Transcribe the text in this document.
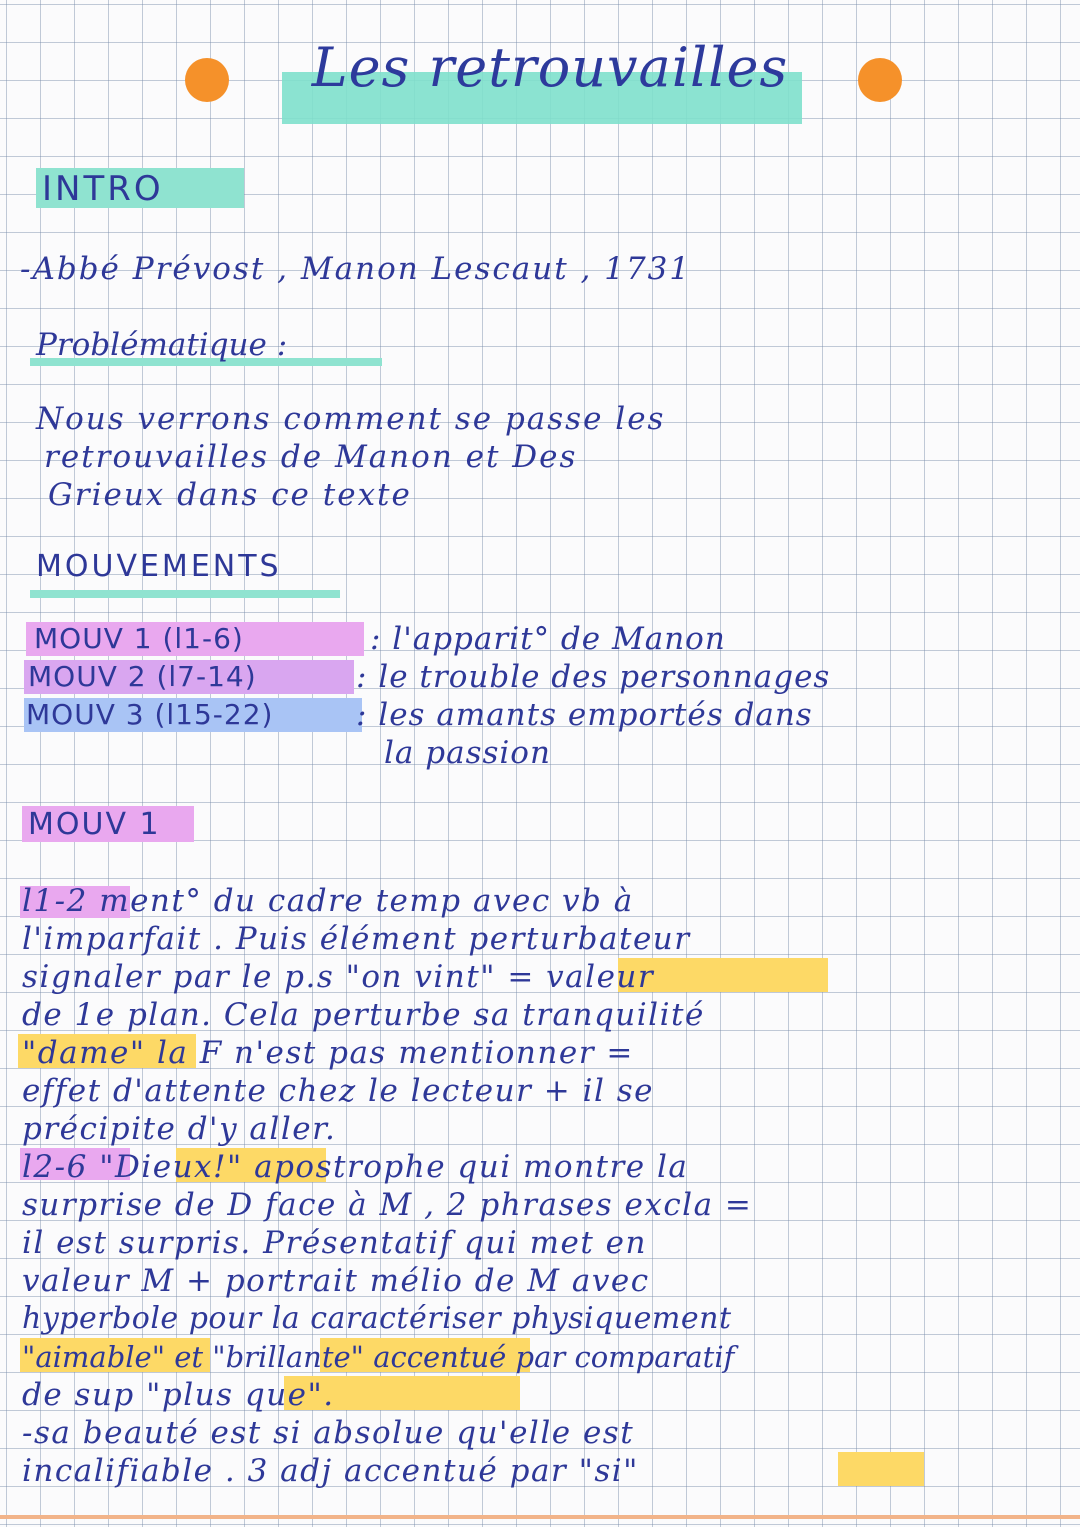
Les retrouvailles
INTRO
-Abbé Prévost , Manon Lescaut , 1731
Problématique :
Nous verrons comment se passe les
retrouvailles de Manon et Des
Grieux dans ce texte
MOUVEMENTS
MOUV 1 (l1-6)	: l'apparit° de Manon
MOUV 2 (l7-14)	: le trouble des personnages
MOUV 3 (l15-22)	: les amants emportés dans
la passion
MOUV 1
l1-2 ment° du cadre temp avec vb à
l'imparfait . Puis élément perturbateur
signaler par le p.s "on vint" = valeur
de 1e plan. Cela perturbe sa tranquilité
"dame" la F n'est pas mentionner =
effet d'attente chez le lecteur + il se
précipite d'y aller.
l2-6 "Dieux!" apostrophe qui montre la
surprise de D face à M , 2 phrases excla =
il est surpris. Présentatif qui met en
valeur M + portrait mélio de M avec
hyperbole pour la caractériser physiquement
"aimable" et "brillante" accentué par comparatif
de sup "plus que".
-sa beauté est si absolue qu'elle est
incalifiable . 3 adj accentué par "si"
